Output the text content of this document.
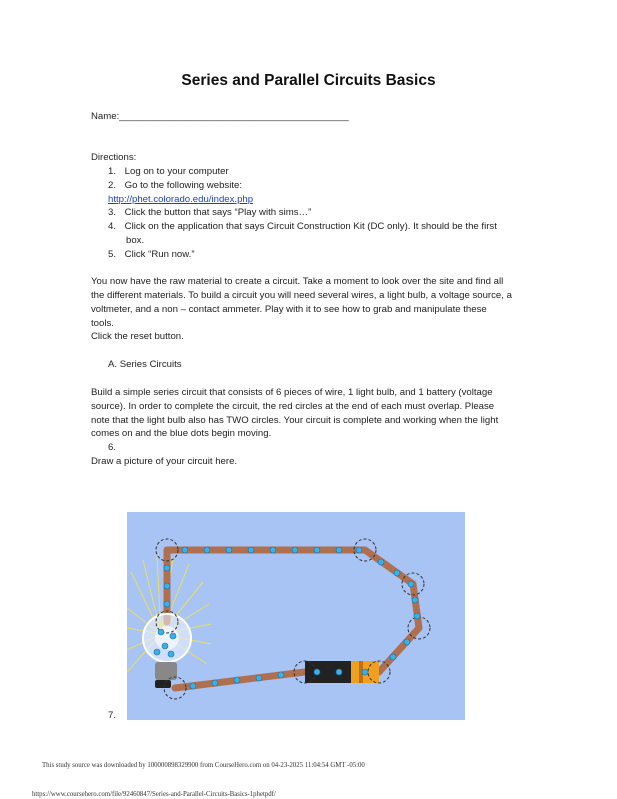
Series and Parallel Circuits Basics

Name:___________________________________________

Directions:

1. Log on to your computer

2. Go to the following website:

http://phet.colorado.edu/index.php

3. Click the button that says “Play with sims…”

4. Click on the application that says Circuit Construction Kit (DC only). It should be the first

box.

5. Click “Run now.”

You now have the raw material to create a circuit. Take a moment to look over the site and find all

the different materials. To build a circuit you will need several wires, a light bulb, a voltage source, a

voltmeter, and a non – contact ammeter. Play with it to see how to grab and manipulate these

tools.

Click the reset button.

A. Series Circuits

Build a simple series circuit that consists of 6 pieces of wire, 1 light bulb, and 1 battery (voltage

source). In order to complete the circuit, the red circles at the end of each must overlap. Please

note that the light bulb also has TWO circles. Your circuit is complete and working when the light

comes on and the blue dots begin moving.

6.

Draw a picture of your circuit here.

7.

This study source was downloaded by 100000898329900 from CourseHero.com on 04-23-2025 11:04:54 GMT -05:00

https://www.coursehero.com/file/92460847/Series-and-Parallel-Circuits-Basics-1phetpdf/
